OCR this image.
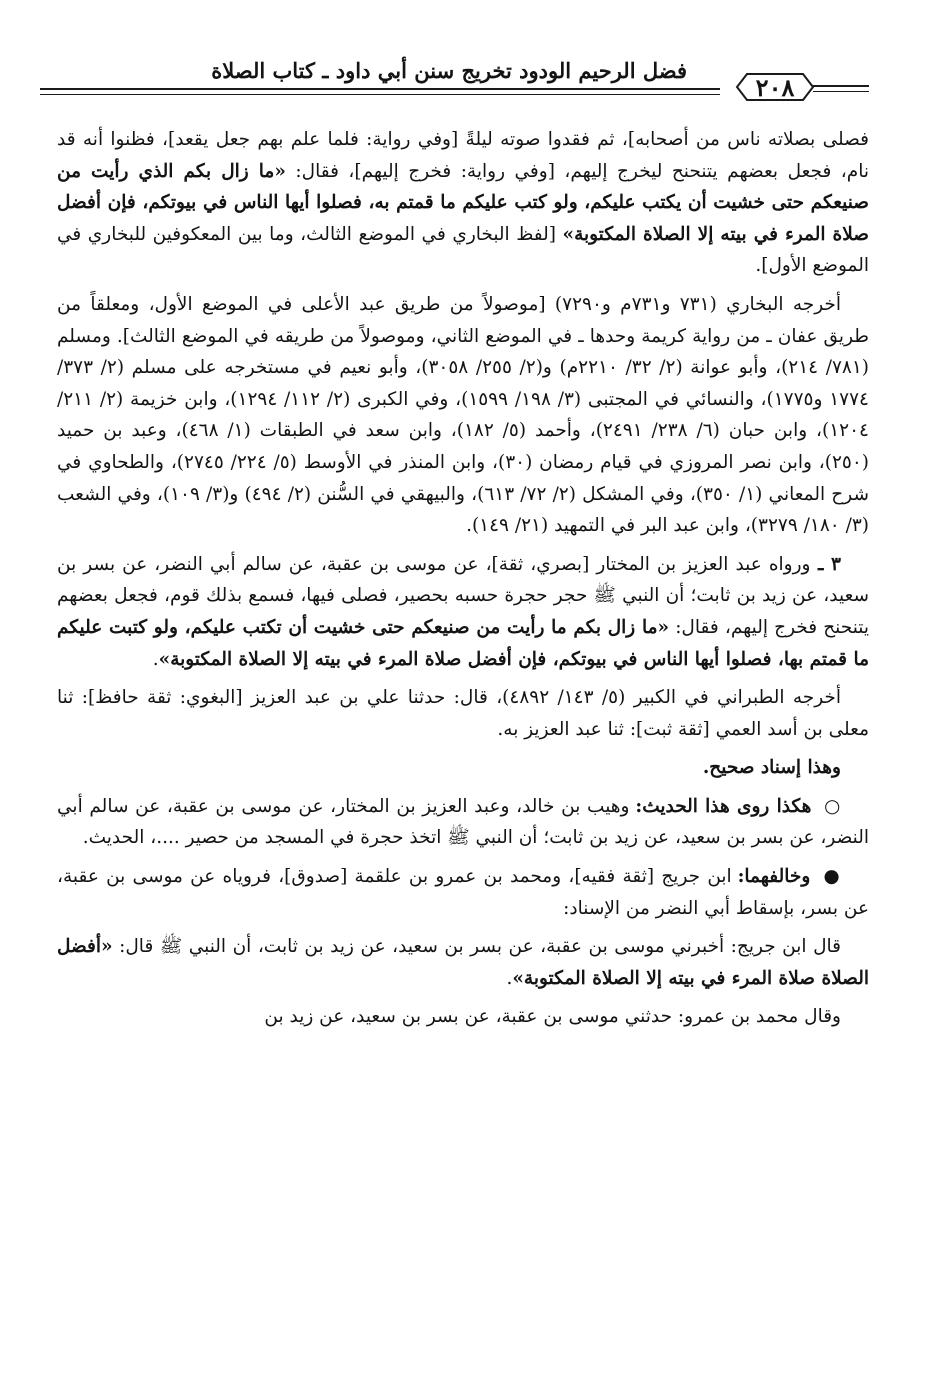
فضل الرحيم الودود تخريج سنن أبي داود ـ كتاب الصلاة
٢٠٨

فصلى بصلاته ناس من أصحابه]، ثم فقدوا صوته ليلةً [وفي رواية: فلما علم بهم جعل يقعد]، فظنوا أنه قد نام، فجعل بعضهم يتنحنح ليخرج إليهم، [وفي رواية: فخرج إليهم]، فقال: «ما زال بكم الذي رأيت من صنيعكم حتى خشيت أن يكتب عليكم، ولو كتب عليكم ما قمتم به، فصلوا أيها الناس في بيوتكم، فإن أفضل صلاة المرء في بيته إلا الصلاة المكتوبة» [لفظ البخاري في الموضع الثالث، وما بين المعكوفين للبخاري في الموضع الأول].

أخرجه البخاري (٧٣١ و٧٣١م و٧٢٩٠) [موصولاً من طريق عبد الأعلى في الموضع الأول، ومعلقاً من طريق عفان ـ من رواية كريمة وحدها ـ في الموضع الثاني، وموصولاً من طريقه في الموضع الثالث]. ومسلم (٧٨١/ ٢١٤)، وأبو عوانة (٢/ ٣٢/ ٢٢١٠م) و(٢/ ٢٥٥/ ٣٠٥٨)، وأبو نعيم في مستخرجه على مسلم (٢/ ٣٧٣/ ١٧٧٤ و١٧٧٥)، والنسائي في المجتبى (٣/ ١٩٨/ ١٥٩٩)، وفي الكبرى (٢/ ١١٢/ ١٢٩٤)، وابن خزيمة (٢/ ٢١١/ ١٢٠٤)، وابن حبان (٦/ ٢٣٨/ ٢٤٩١)، وأحمد (٥/ ١٨٢)، وابن سعد في الطبقات (١/ ٤٦٨)، وعبد بن حميد (٢٥٠)، وابن نصر المروزي في قيام رمضان (٣٠)، وابن المنذر في الأوسط (٥/ ٢٢٤/ ٢٧٤٥)، والطحاوي في شرح المعاني (١/ ٣٥٠)، وفي المشكل (٢/ ٧٢/ ٦١٣)، والبيهقي في السُّنن (٢/ ٤٩٤) و(٣/ ١٠٩)، وفي الشعب (٣/ ١٨٠/ ٣٢٧٩)، وابن عبد البر في التمهيد (٢١/ ١٤٩).

٣ ـ ورواه عبد العزيز بن المختار [بصري، ثقة]، عن موسى بن عقبة، عن سالم أبي النضر، عن بسر بن سعيد، عن زيد بن ثابت؛ أن النبي ﷺ حجر حجرة حسبه بحصير، فصلى فيها، فسمع بذلك قوم، فجعل بعضهم يتنحنح فخرج إليهم، فقال: «ما زال بكم ما رأيت من صنيعكم حتى خشيت أن تكتب عليكم، ولو كتبت عليكم ما قمتم بها، فصلوا أيها الناس في بيوتكم، فإن أفضل صلاة المرء في بيته إلا الصلاة المكتوبة».

أخرجه الطبراني في الكبير (٥/ ١٤٣/ ٤٨٩٢)، قال: حدثنا علي بن عبد العزيز [البغوي: ثقة حافظ]: ثنا معلى بن أسد العمي [ثقة ثبت]: ثنا عبد العزيز به.

وهذا إسناد صحيح.

○ هكذا روى هذا الحديث: وهيب بن خالد، وعبد العزيز بن المختار، عن موسى بن عقبة، عن سالم أبي النضر، عن بسر بن سعيد، عن زيد بن ثابت؛ أن النبي ﷺ اتخذ حجرة في المسجد من حصير ....، الحديث.

● وخالفهما: ابن جريج [ثقة فقيه]، ومحمد بن عمرو بن علقمة [صدوق]، فروياه عن موسى بن عقبة، عن بسر، بإسقاط أبي النضر من الإسناد:

قال ابن جريج: أخبرني موسى بن عقبة، عن بسر بن سعيد، عن زيد بن ثابت، أن النبي ﷺ قال: «أفضل الصلاة صلاة المرء في بيته إلا الصلاة المكتوبة».

وقال محمد بن عمرو: حدثني موسى بن عقبة، عن بسر بن سعيد، عن زيد بن
